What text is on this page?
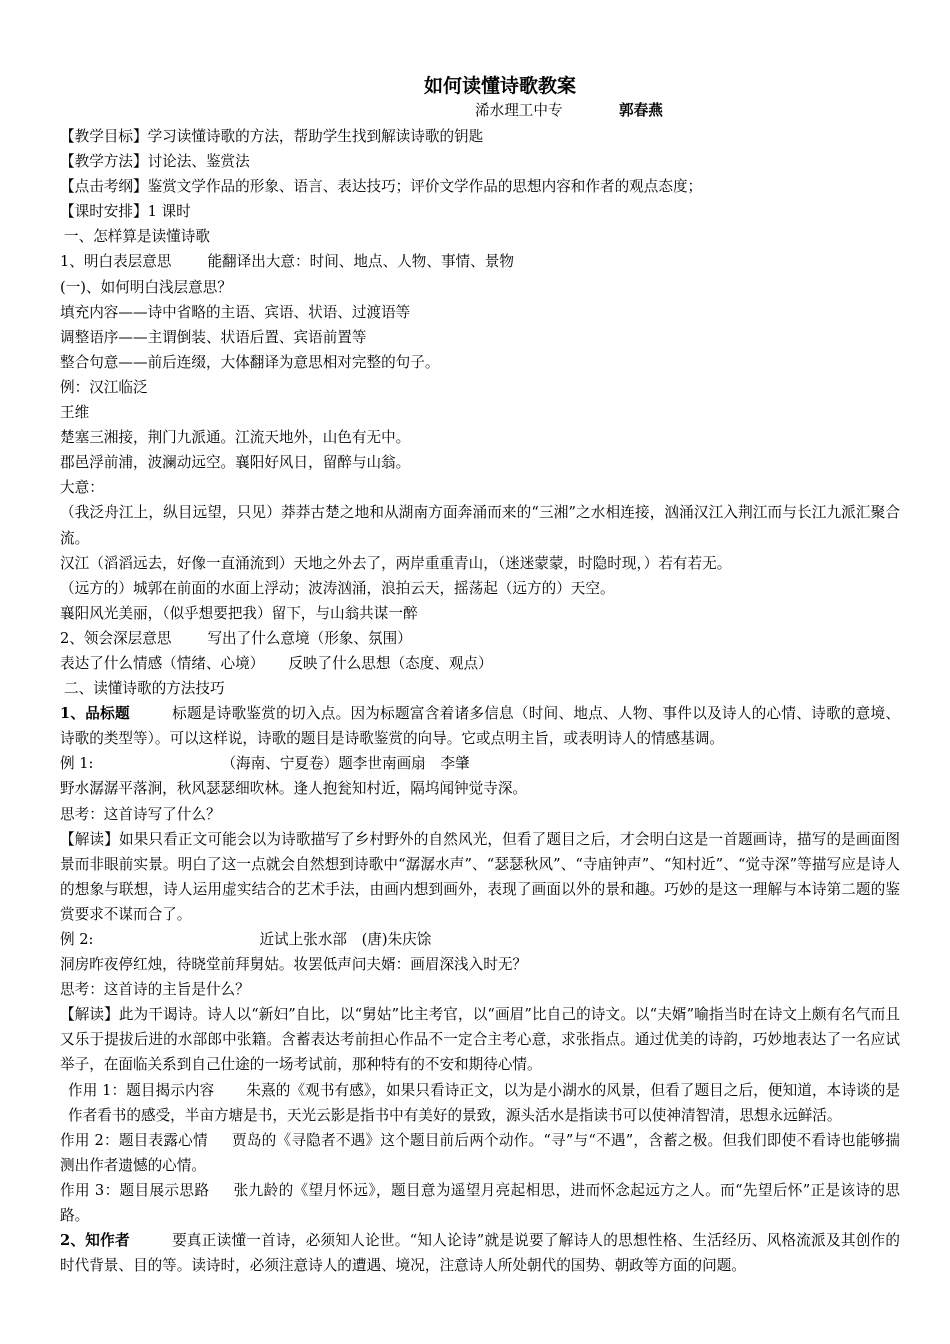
如何读懂诗歌教案
浠水理工中专	郭春燕
【教学目标】学习读懂诗歌的方法，帮助学生找到解读诗歌的钥匙
【教学方法】讨论法、鉴赏法
【点击考纲】鉴赏文学作品的形象、语言、表达技巧；评价文学作品的思想内容和作者的观点态度；
【课时安排】1 课时
一、怎样算是读懂诗歌
1、明白表层意思 能翻译出大意：时间、地点、人物、事情、景物
(一)、如何明白浅层意思？
填充内容——诗中省略的主语、宾语、状语、过渡语等
调整语序——主谓倒装、状语后置、宾语前置等
整合句意——前后连缀，大体翻译为意思相对完整的句子。
例：汉江临泛
王维
楚塞三湘接，荆门九派通。江流天地外，山色有无中。
郡邑浮前浦，波澜动远空。襄阳好风日，留醉与山翁。
大意：
（我泛舟江上，纵目远望，只见）莽莽古楚之地和从湖南方面奔涌而来的“三湘”之水相连接，汹涌汉江入荆江而与长江九派汇聚合流。
汉江（滔滔远去，好像一直涌流到）天地之外去了，两岸重重青山，（迷迷蒙蒙，时隐时现，）若有若无。
（远方的）城郭在前面的水面上浮动；波涛汹涌，浪拍云天，摇荡起（远方的）天空。
襄阳风光美丽，（似乎想要把我）留下，与山翁共谋一醉
2、领会深层意思 写出了什么意境（形象、氛围）
表达了什么情感（情绪、心境） 反映了什么思想（态度、观点）
二、读懂诗歌的方法技巧
1、品标题	标题是诗歌鉴赏的切入点。因为标题富含着诸多信息（时间、地点、人物、事件以及诗人的心情、诗歌的意境、诗歌的类型等）。可以这样说，诗歌的题目是诗歌鉴赏的向导。它或点明主旨，或表明诗人的情感基调。
例 1:	（海南、宁夏卷）题李世南画扇　李肇
野水潺潺平落涧，秋风瑟瑟细吹林。逢人抱瓮知村近，隔坞闻钟觉寺深。
思考：这首诗写了什么？
【解读】如果只看正文可能会以为诗歌描写了乡村野外的自然风光，但看了题目之后，才会明白这是一首题画诗，描写的是画面图景而非眼前实景。明白了这一点就会自然想到诗歌中“潺潺水声”、“瑟瑟秋风”、“寺庙钟声”、“知村近”、“觉寺深”等描写应是诗人的想象与联想，诗人运用虚实结合的艺术手法，由画内想到画外，表现了画面以外的景和趣。巧妙的是这一理解与本诗第二题的鉴赏要求不谋而合了。
例 2:	近试上张水部　(唐)朱庆馀
洞房昨夜停红烛，待晓堂前拜舅姑。妆罢低声问夫婿：画眉深浅入时无？
思考：这首诗的主旨是什么？
【解读】此为干谒诗。诗人以“新妇”自比，以“舅姑”比主考官，以“画眉”比自己的诗文。以“夫婿”喻指当时在诗文上颇有名气而且又乐于提拔后进的水部郎中张籍。含蓄表达考前担心作品不一定合主考心意，求张指点。通过优美的诗韵，巧妙地表达了一名应试举子，在面临关系到自己仕途的一场考试前，那种特有的不安和期待心情。
作用 1：题目揭示内容 朱熹的《观书有感》，如果只看诗正文，以为是小湖水的风景，但看了题目之后，便知道，本诗谈的是作者看书的感受，半亩方塘是书，天光云影是指书中有美好的景致，源头活水是指读书可以使神清智清，思想永远鲜活。
作用 2：题目表露心情 贾岛的《寻隐者不遇》这个题目前后两个动作。“寻”与“不遇”，含蓄之极。但我们即使不看诗也能够揣测出作者遗憾的心情。
作用 3：题目展示思路 张九龄的《望月怀远》，题目意为遥望月亮起相思，进而怀念起远方之人。而“先望后怀”正是该诗的思路。
2、知作者	要真正读懂一首诗，必须知人论世。“知人论诗”就是说要了解诗人的思想性格、生活经历、风格流派及其创作的时代背景、目的等。读诗时，必须注意诗人的遭遇、境况，注意诗人所处朝代的国势、朝政等方面的问题。
